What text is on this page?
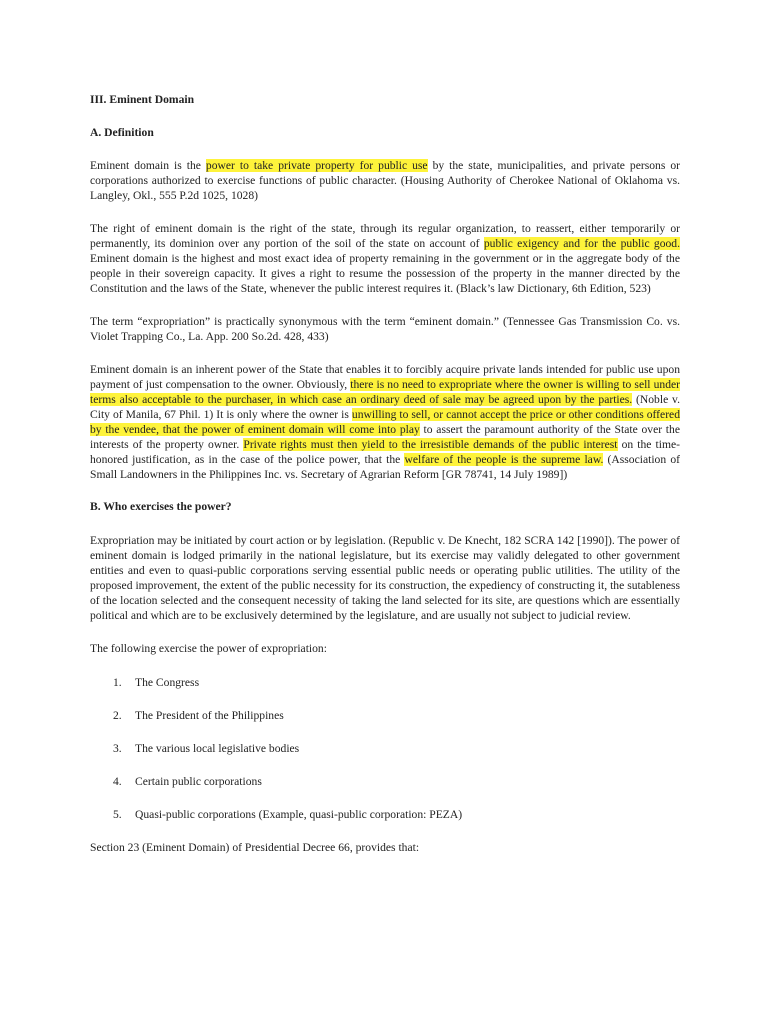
III. Eminent Domain
A. Definition

Eminent domain is the power to take private property for public use by the state, municipalities, and private persons or corporations authorized to exercise functions of public character. (Housing Authority of Cherokee National of Oklahoma vs. Langley, Okl., 555 P.2d 1025, 1028)

The right of eminent domain is the right of the state, through its regular organization, to reassert, either temporarily or permanently, its dominion over any portion of the soil of the state on account of public exigency and for the public good. Eminent domain is the highest and most exact idea of property remaining in the government or in the aggregate body of the people in their sovereign capacity. It gives a right to resume the possession of the property in the manner directed by the Constitution and the laws of the State, whenever the public interest requires it. (Black’s law Dictionary, 6th Edition, 523)

The term “expropriation” is practically synonymous with the term “eminent domain.” (Tennessee Gas Transmission Co. vs. Violet Trapping Co., La. App. 200 So.2d. 428, 433)

Eminent domain is an inherent power of the State that enables it to forcibly acquire private lands intended for public use upon payment of just compensation to the owner. Obviously, there is no need to expropriate where the owner is willing to sell under terms also acceptable to the purchaser, in which case an ordinary deed of sale may be agreed upon by the parties. (Noble v. City of Manila, 67 Phil. 1) It is only where the owner is unwilling to sell, or cannot accept the price or other conditions offered by the vendee, that the power of eminent domain will come into play to assert the paramount authority of the State over the interests of the property owner. Private rights must then yield to the irresistible demands of the public interest on the time-honored justification, as in the case of the police power, that the welfare of the people is the supreme law. (Association of Small Landowners in the Philippines Inc. vs. Secretary of Agrarian Reform [GR 78741, 14 July 1989])

B. Who exercises the power?

Expropriation may be initiated by court action or by legislation. (Republic v. De Knecht, 182 SCRA 142 [1990]). The power of eminent domain is lodged primarily in the national legislature, but its exercise may validly delegated to other government entities and even to quasi-public corporations serving essential public needs or operating public utilities. The utility of the proposed improvement, the extent of the public necessity for its construction, the expediency of constructing it, the sutableness of the location selected and the consequent necessity of taking the land selected for its site, are questions which are essentially political and which are to be exclusively determined by the legislature, and are usually not subject to judicial review.

The following exercise the power of expropriation:

1. The Congress
2. The President of the Philippines
3. The various local legislative bodies
4. Certain public corporations
5. Quasi-public corporations (Example, quasi-public corporation: PEZA)

Section 23 (Eminent Domain) of Presidential Decree 66, provides that:
